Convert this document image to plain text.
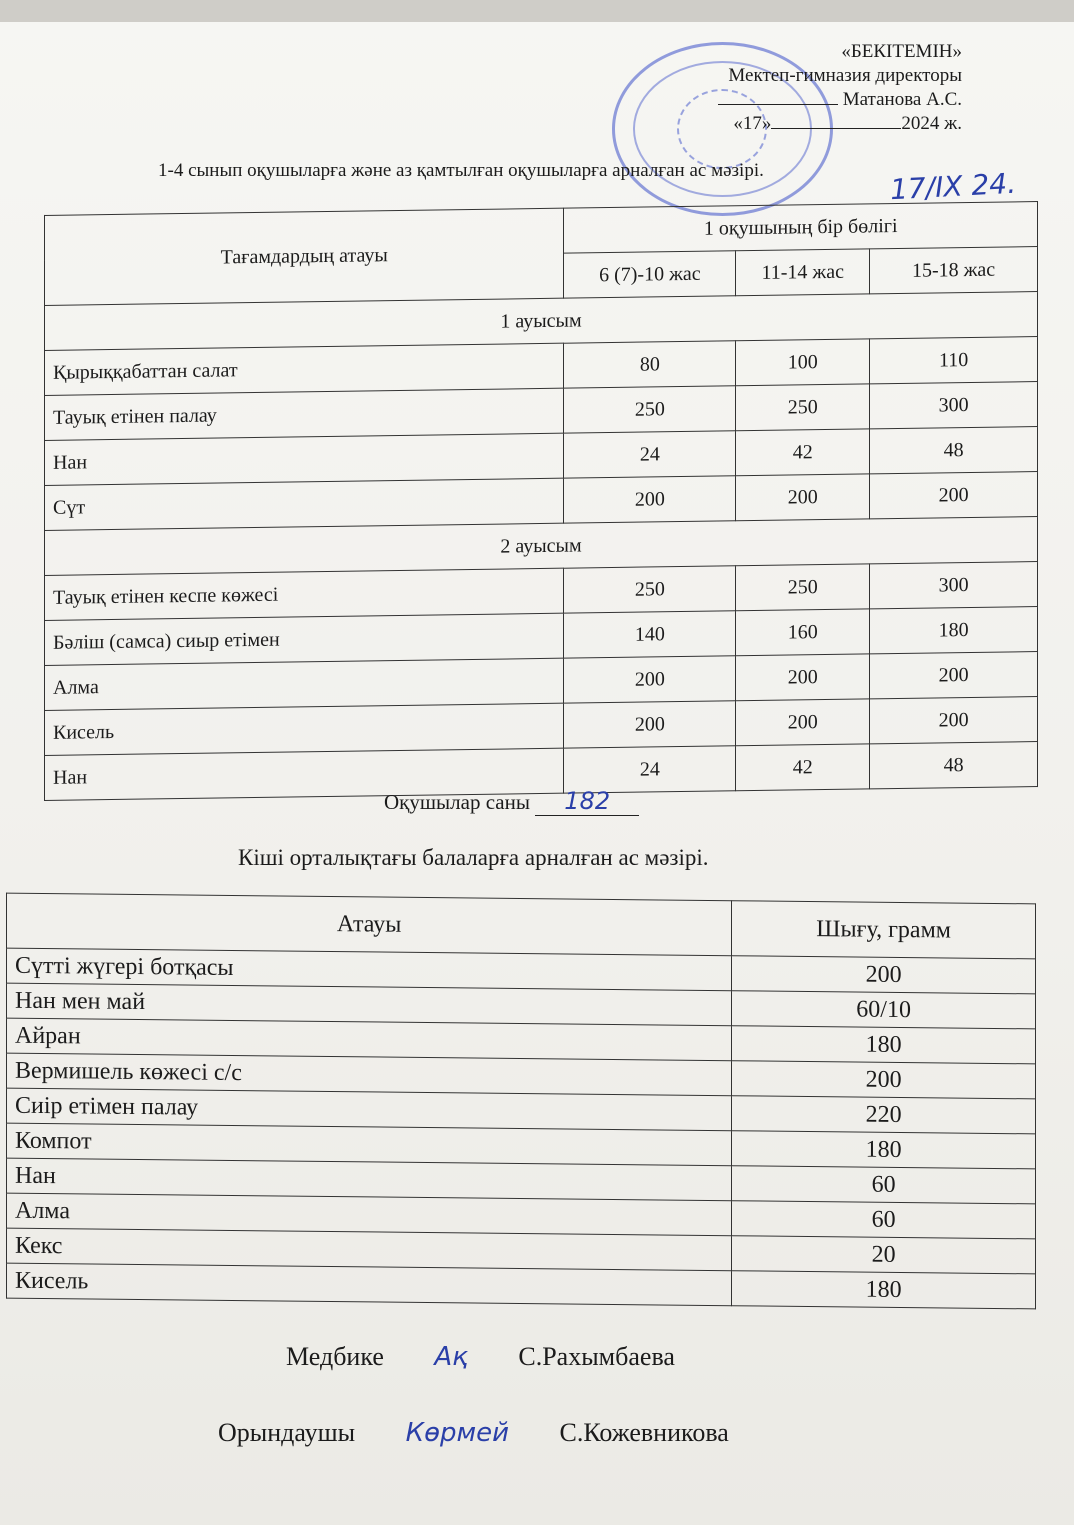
«БЕКІТЕМІН»
Мектеп-гимназия директоры
Матанова А.С.
«17»	2024 ж.
1-4 сынып оқушыларға және аз қамтылған оқушыларға арналған ас мәзірі.	17/IX 24.
Тағамдардың атауы	1 оқушының бір бөлігі		
	6 (7)-10 жас	11-14 жас	15-18 жас
1 ауысым			
Қырыққабаттан салат	80	100	110
Тауық етінен палау	250	250	300
Нан	24	42	48
Сүт	200	200	200
2 ауысым			
Тауық етінен кеспе көжесі	250	250	300
Бәліш (самса) сиыр етімен	140	160	180
Алма	200	200	200
Кисель	200	200	200
Нан	24	42	48
Оқушылар саны 182
Кіші орталықтағы балаларға арналған ас мәзірі.
Атауы	Шығу, грамм
Сүтті жүгері ботқасы	200
Нан мен май	60/10
Айран	180
Вермишель көжесі с/с	200
Сиір етімен палау	220
Компот	180
Нан	60
Алма	60
Кекс	20
Кисель	180
Медбике Ақ С.Рахымбаева
Орындаушы Көрмей С.Кожевникова
